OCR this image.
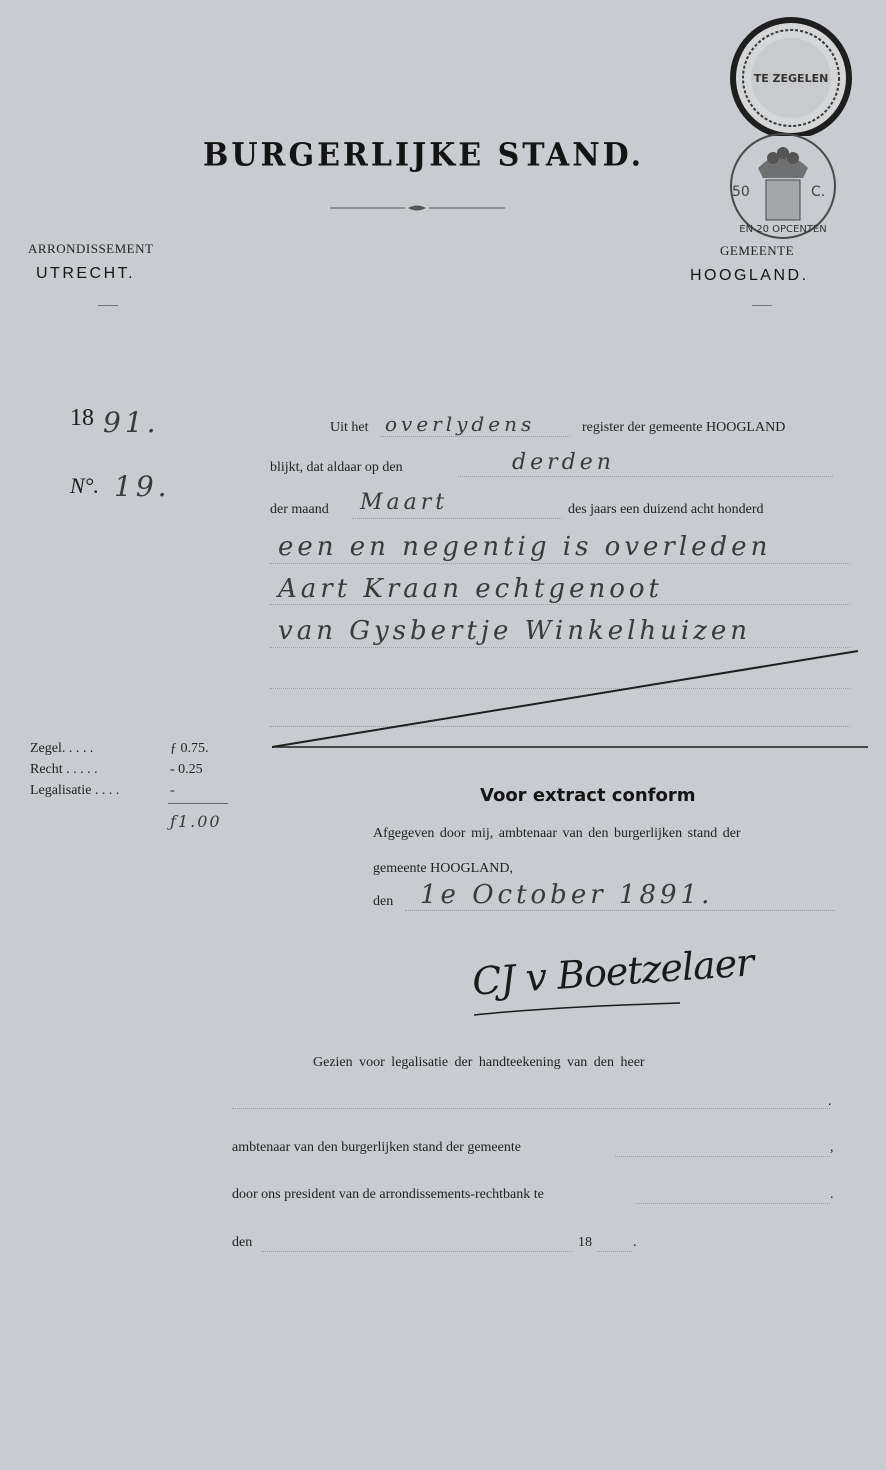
TE ZEGELEN
50	C.
EN 20 OPCENTEN
BURGERLIJKE STAND.
ARRONDISSEMENT
UTRECHT.
GEMEENTE
HOOGLAND.
18 91.
N°. 19.
Uit het overlydens	register der gemeente HOOGLAND
blijkt, dat aldaar op den	derden
der maand Maart	des jaars een duizend acht honderd
een en negentig is overleden
Aart Kraan echtgenoot
van Gysbertje Winkelhuizen
Zegel. . . . .	ƒ 0.75.
Recht . . . . .	- 0.25
Legalisatie . . . .	-
ƒ1.00
Voor extract conform
Afgegeven door mij, ambtenaar van den burgerlijken stand der
gemeente HOOGLAND,
den 1e October 1891.
CJ v Boetzelaer
Gezien voor legalisatie der handteekening van den heer
.
ambtenaar van den burgerlijken stand der gemeente	,
door ons president van de arrondissements-rechtbank te	.
den	18	.
